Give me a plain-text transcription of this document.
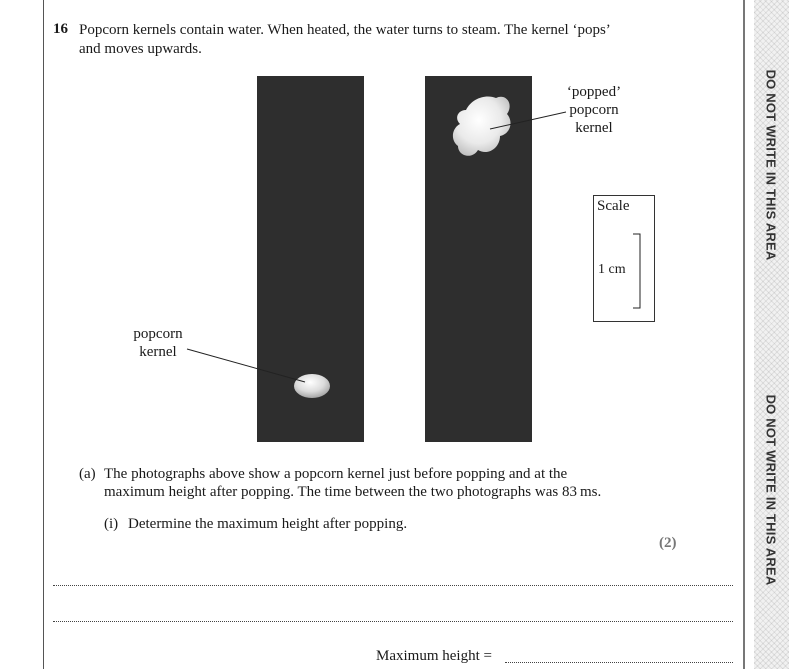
DO NOT WRITE IN THIS AREA
DO NOT WRITE IN THIS AREA
16 Popcorn kernels contain water. When heated, the water turns to steam. The kernel ‘pops’
and moves upwards.
‘popped’
popcorn
kernel
popcorn
kernel
Scale
1 cm
(a) The photographs above show a popcorn kernel just before popping and at the
maximum height after popping. The time between the two photographs was 83 ms.
(i) Determine the maximum height after popping.
(2)
Maximum height =
